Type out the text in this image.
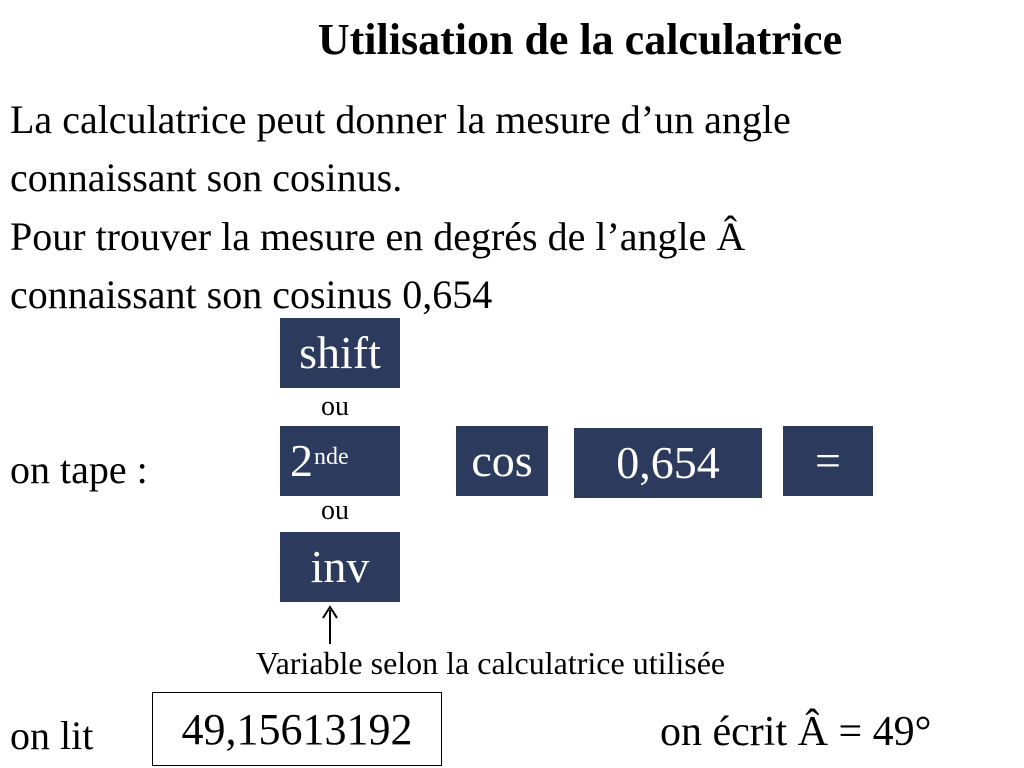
Utilisation de la calculatrice
La calculatrice peut donner la mesure d’un angle
connaissant son cosinus.
Pour trouver la mesure en degrés de l’angle Â
connaissant son cosinus 0,654
shift
ou
on tape :	2nde	cos 0,654 =
ou
inv
Variable selon la calculatrice utilisée
on lit 49,15613192	on écrit Â = 49°
